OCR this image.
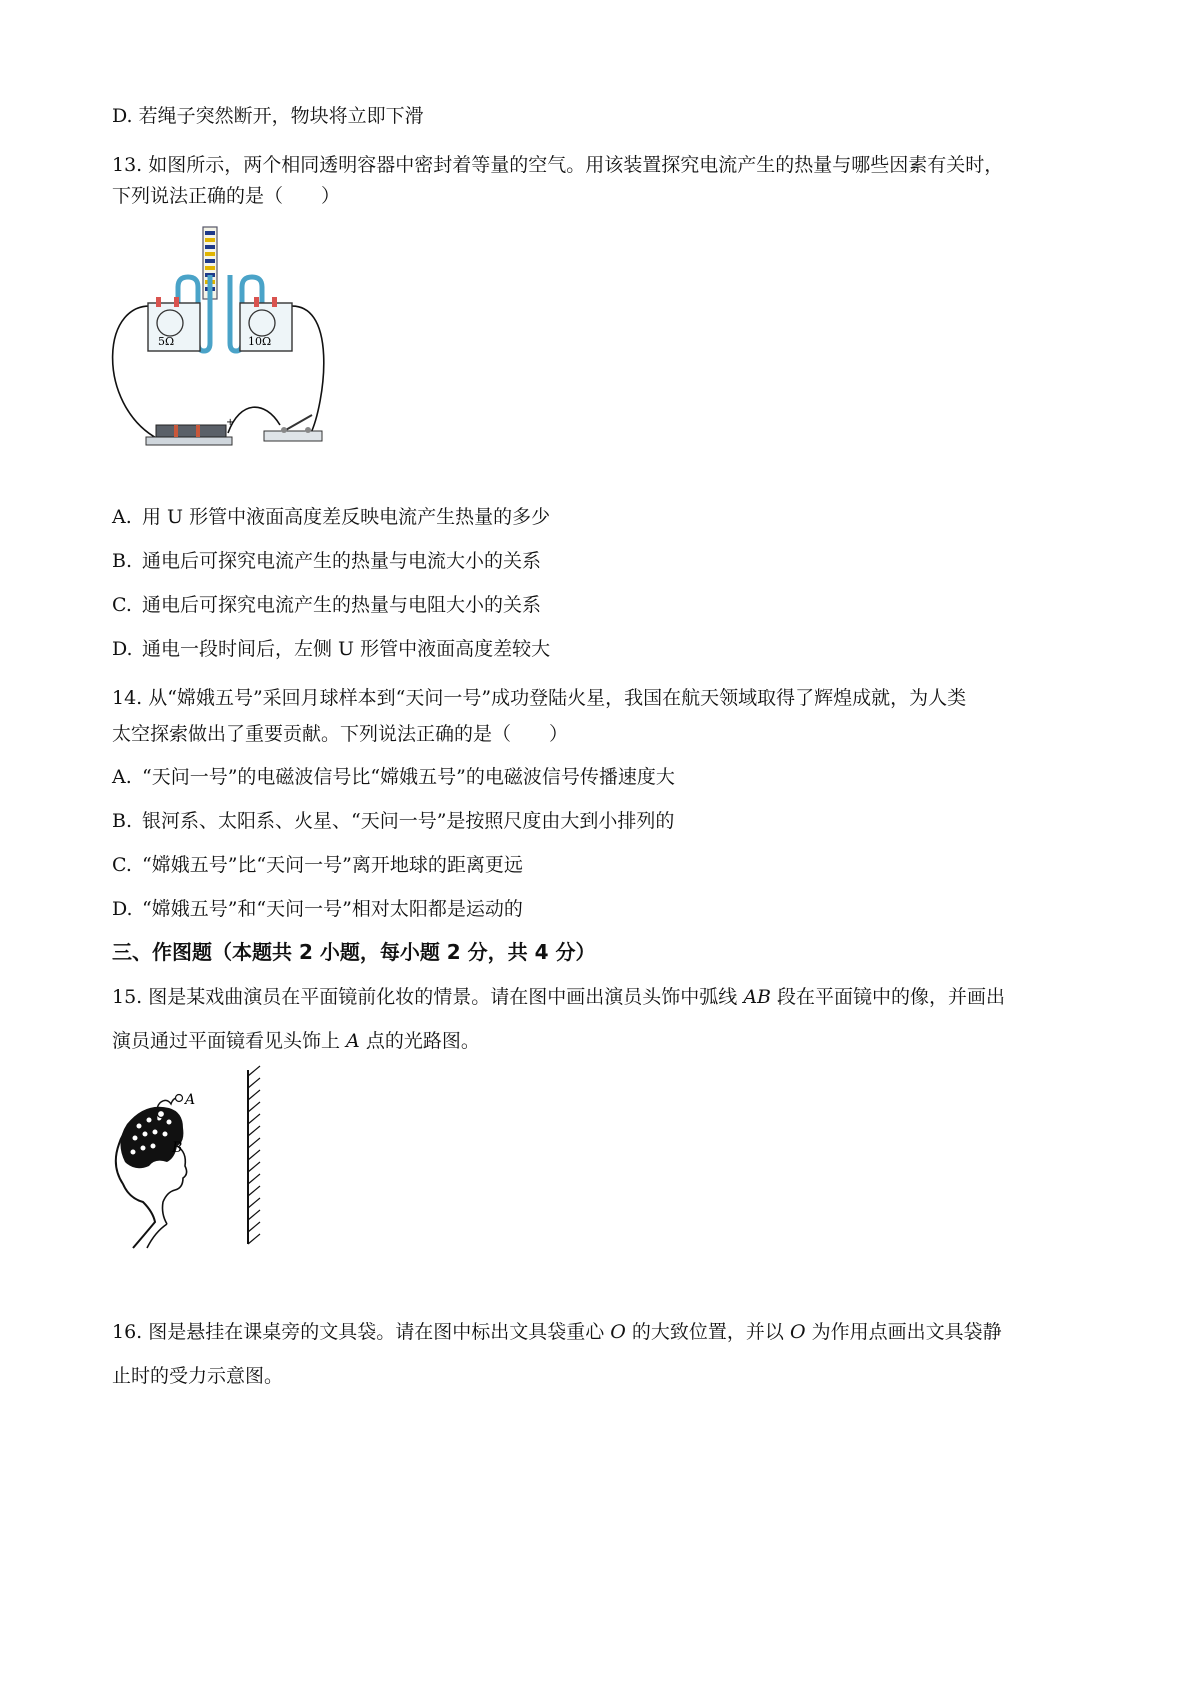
D. 若绳子突然断开，物块将立即下滑
13. 如图所示，两个相同透明容器中密封着等量的空气。用该装置探究电流产生的热量与哪些因素有关时，
下列说法正确的是（　　）
5Ω	10Ω
+
A. 用 U 形管中液面高度差反映电流产生热量的多少
B. 通电后可探究电流产生的热量与电流大小的关系
C. 通电后可探究电流产生的热量与电阻大小的关系
D. 通电一段时间后，左侧 U 形管中液面高度差较大
14. 从“嫦娥五号”采回月球样本到“天问一号”成功登陆火星，我国在航天领域取得了辉煌成就，为人类
太空探索做出了重要贡献。下列说法正确的是（　　）
A. “天问一号”的电磁波信号比“嫦娥五号”的电磁波信号传播速度大
B. 银河系、太阳系、火星、“天问一号”是按照尺度由大到小排列的
C. “嫦娥五号”比“天问一号”离开地球的距离更远
D. “嫦娥五号”和“天问一号”相对太阳都是运动的
三、作图题（本题共 2 小题，每小题 2 分，共 4 分）
15. 图是某戏曲演员在平面镜前化妆的情景。请在图中画出演员头饰中弧线 AB 段在平面镜中的像，并画出
演员通过平面镜看见头饰上 A 点的光路图。
A
B
16. 图是悬挂在课桌旁的文具袋。请在图中标出文具袋重心 O 的大致位置，并以 O 为作用点画出文具袋静
止时的受力示意图。
